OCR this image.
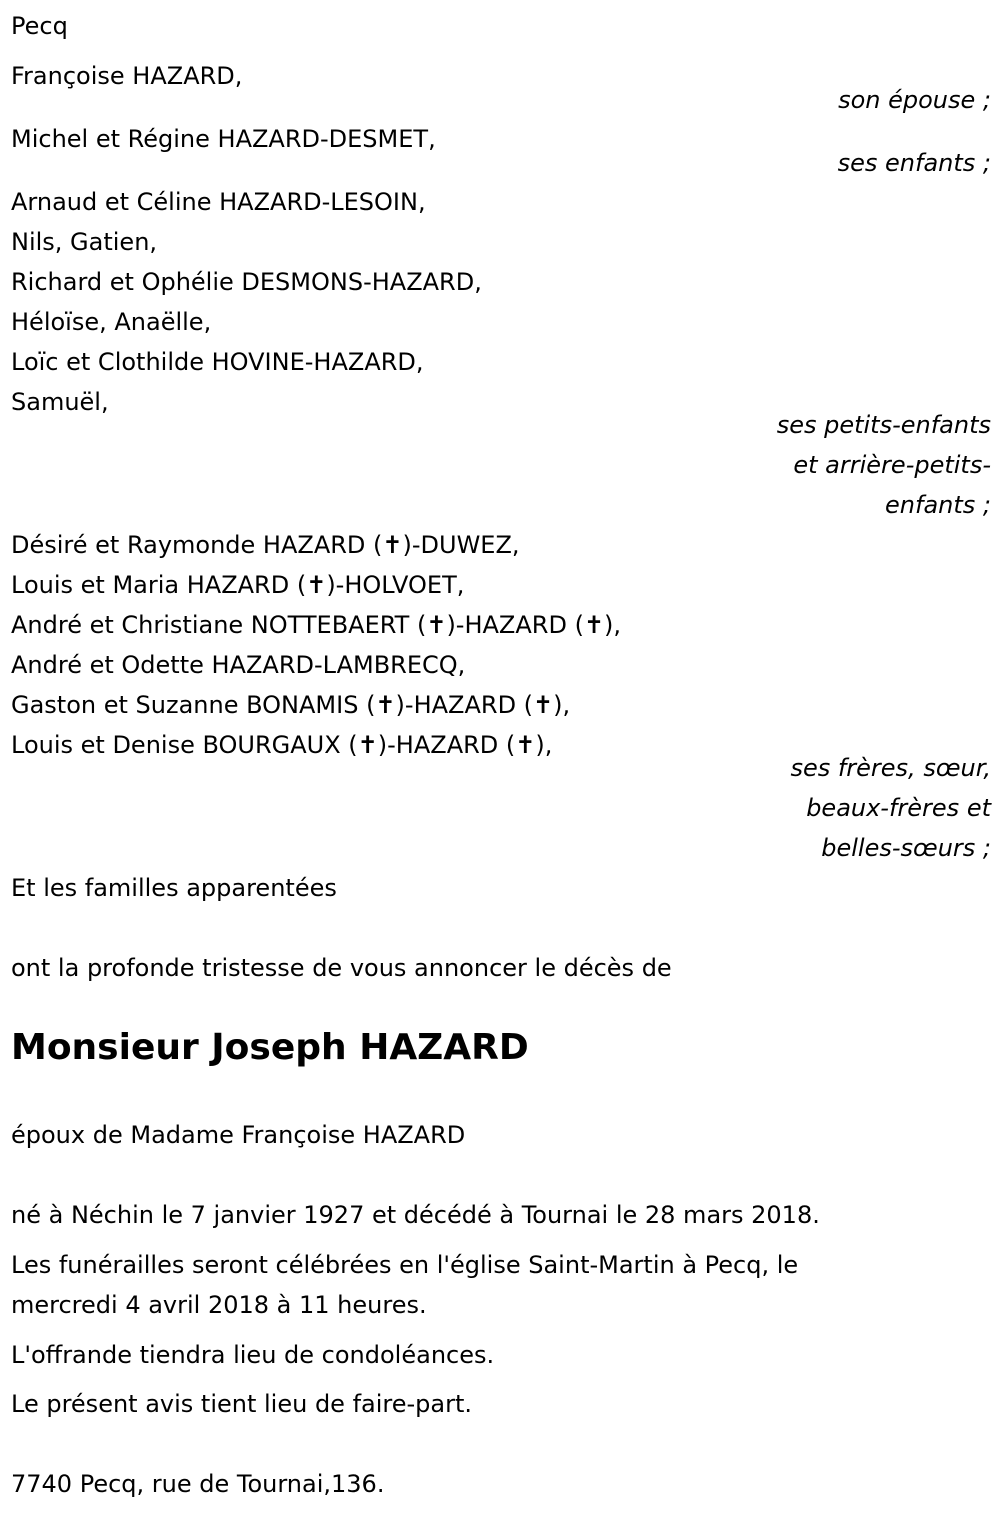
Pecq
Françoise HAZARD,
son épouse ;
Michel et Régine HAZARD-DESMET,
ses enfants ;
Arnaud et Céline HAZARD-LESOIN,
Nils, Gatien,
Richard et Ophélie DESMONS-HAZARD,
Héloïse, Anaëlle,
Loïc et Clothilde HOVINE-HAZARD,
Samuël,
ses petits-enfants
et arrière-petits-
enfants ;
Désiré et Raymonde HAZARD (✝)-DUWEZ,
Louis et Maria HAZARD (✝)-HOLVOET,
André et Christiane NOTTEBAERT (✝)-HAZARD (✝),
André et Odette HAZARD-LAMBRECQ,
Gaston et Suzanne BONAMIS (✝)-HAZARD (✝),
Louis et Denise BOURGAUX (✝)-HAZARD (✝),
ses frères, sœur,
beaux-frères et
belles-sœurs ;
Et les familles apparentées
ont la profonde tristesse de vous annoncer le décès de
Monsieur Joseph HAZARD
époux de Madame Françoise HAZARD
né à Néchin le 7 janvier 1927 et décédé à Tournai le 28 mars 2018.
Les funérailles seront célébrées en l'église Saint-Martin à Pecq, le
mercredi 4 avril 2018 à 11 heures.
L'offrande tiendra lieu de condoléances.
Le présent avis tient lieu de faire-part.
7740 Pecq, rue de Tournai,136.
